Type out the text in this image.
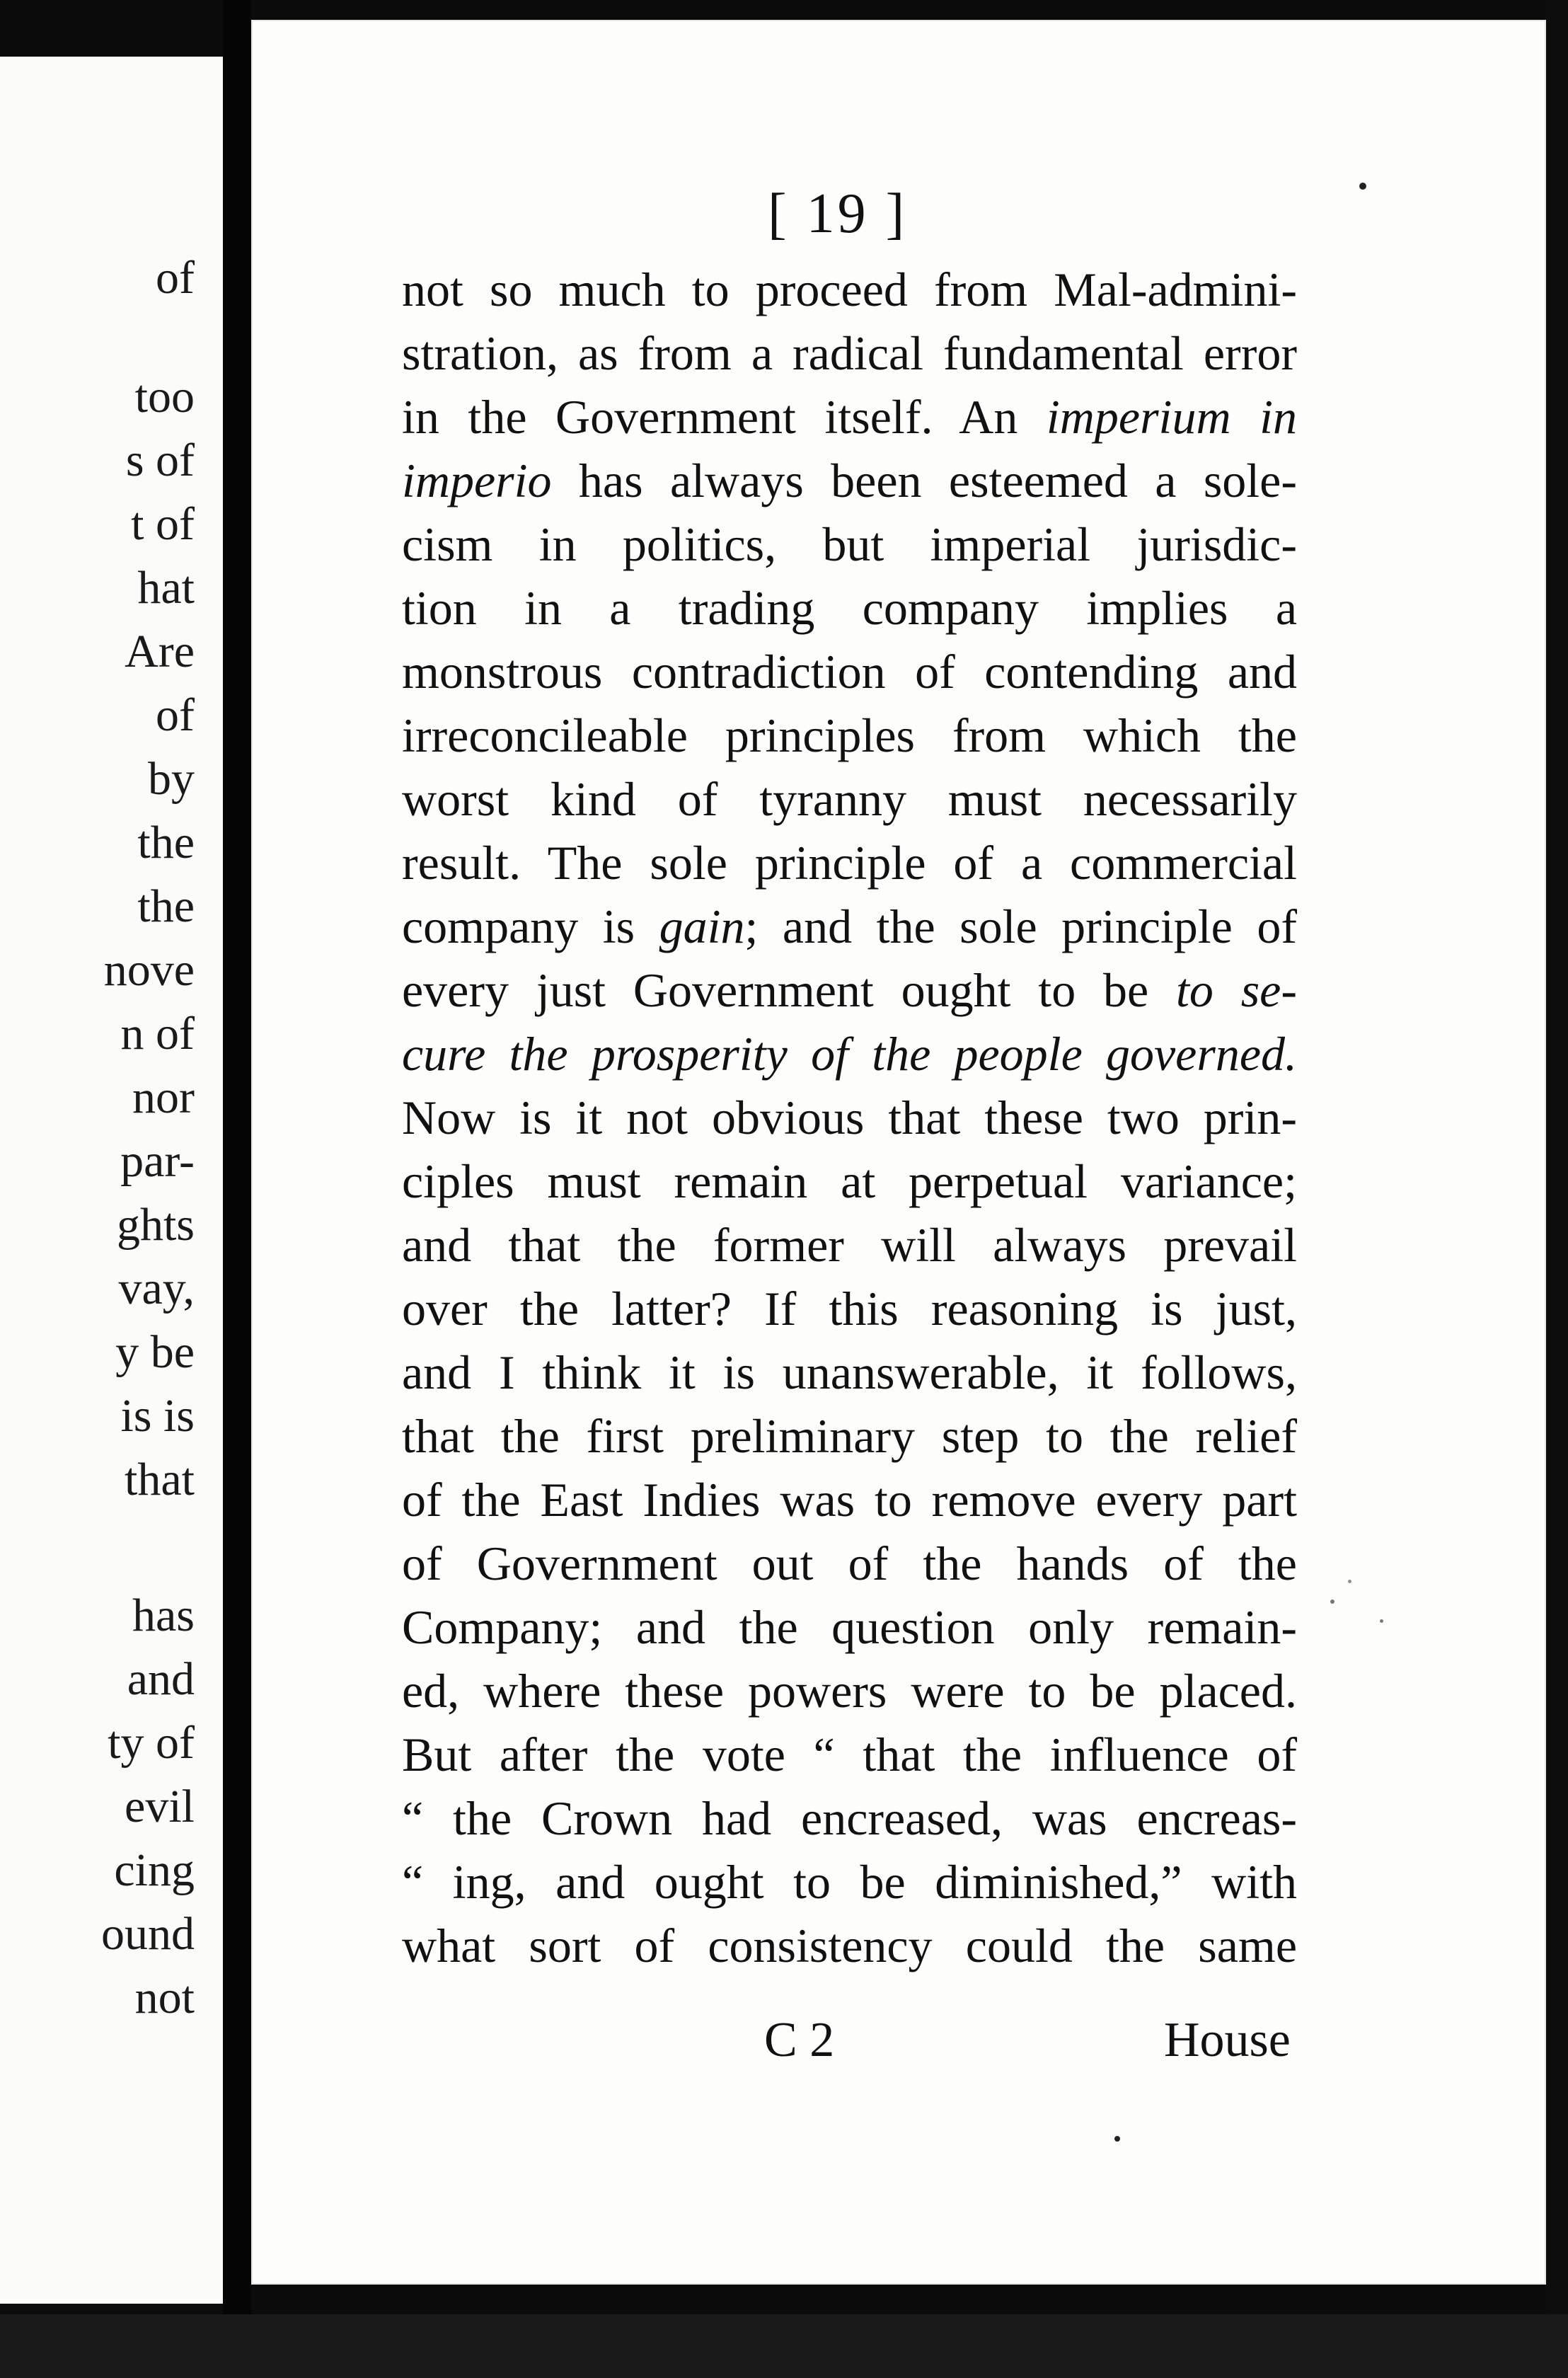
of

too

s of

t of

hat

Are

of

by

the

the

nove

n of

nor

par-

ghts

vay,

y be

is is

that

has

and

ty of

evil

cing

ound

not

[ 19 ]

not so much to proceed from Mal-admini-

stration, as from a radical fundamental error

in the Government itself. An imperium in

imperio has always been esteemed a sole-

cism in politics, but imperial jurisdic-

tion in a trading company implies a

monstrous contradiction of contending and

irreconcileable principles from which the

worst kind of tyranny must necessarily

result. The sole principle of a commercial

company is gain; and the sole principle of

every just Government ought to be to se-

cure the prosperity of the people governed.

Now is it not obvious that these two prin-

ciples must remain at perpetual variance;

and that the former will always prevail

over the latter? If this reasoning is just,

and I think it is unanswerable, it follows,

that the first preliminary step to the relief

of the East Indies was to remove every part

of Government out of the hands of the

Company; and the question only remain-

ed, where these powers were to be placed.

But after the vote “ that the influence of

“ the Crown had encreased, was encreas-

“ ing, and ought to be diminished,” with

what sort of consistency could the same

C 2	House
